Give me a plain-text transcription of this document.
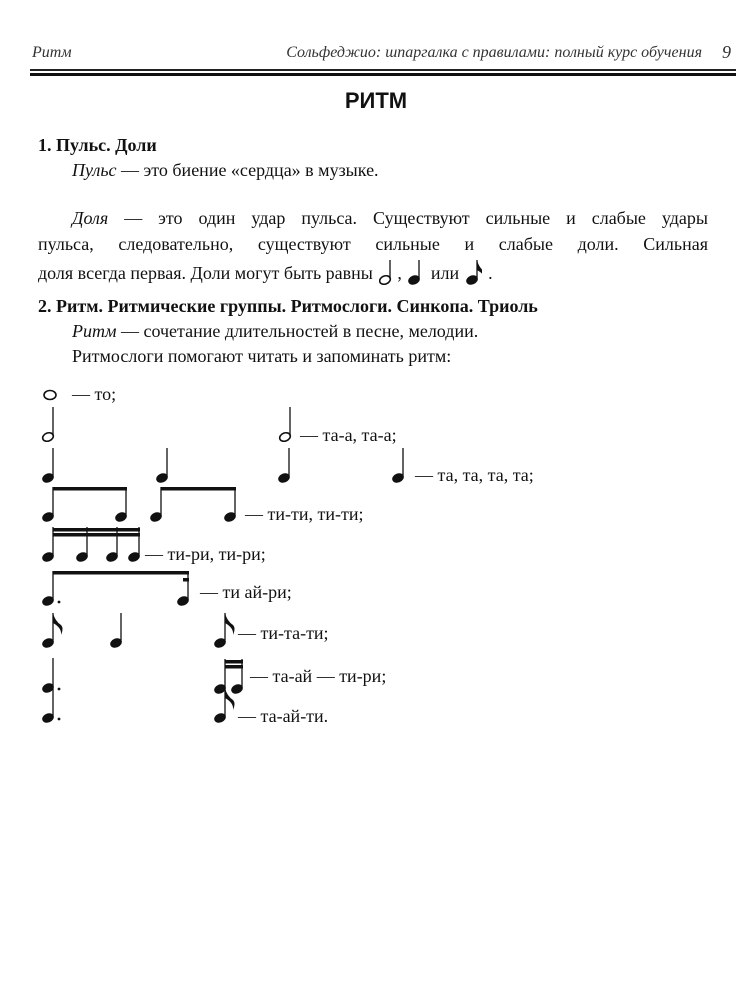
Ритм	Сольфеджио: шпаргалка с правилами: полный курс обучения 9
РИТМ
1. Пульс. Доли
Пульс — это биение «сердца» в музыке.
Доля — это один удар пульса. Существуют сильные и слабые удары
пульса, следовательно, существуют сильные и слабые доли. Сильная
доля всегда первая. Доли могут быть равны , или .
2. Ритм. Ритмические группы. Ритмослоги. Синкопа. Триоль
Ритм — сочетание длительностей в песне, мелодии.
Ритмослоги помогают читать и запоминать ритм:
— то;
— та-а, та-а;
— та, та, та, та;
— ти-ти, ти-ти;
— ти-ри, ти-ри;
— ти ай-ри;
— ти-та-ти;
— та-ай — ти-ри;
— та-ай-ти.
